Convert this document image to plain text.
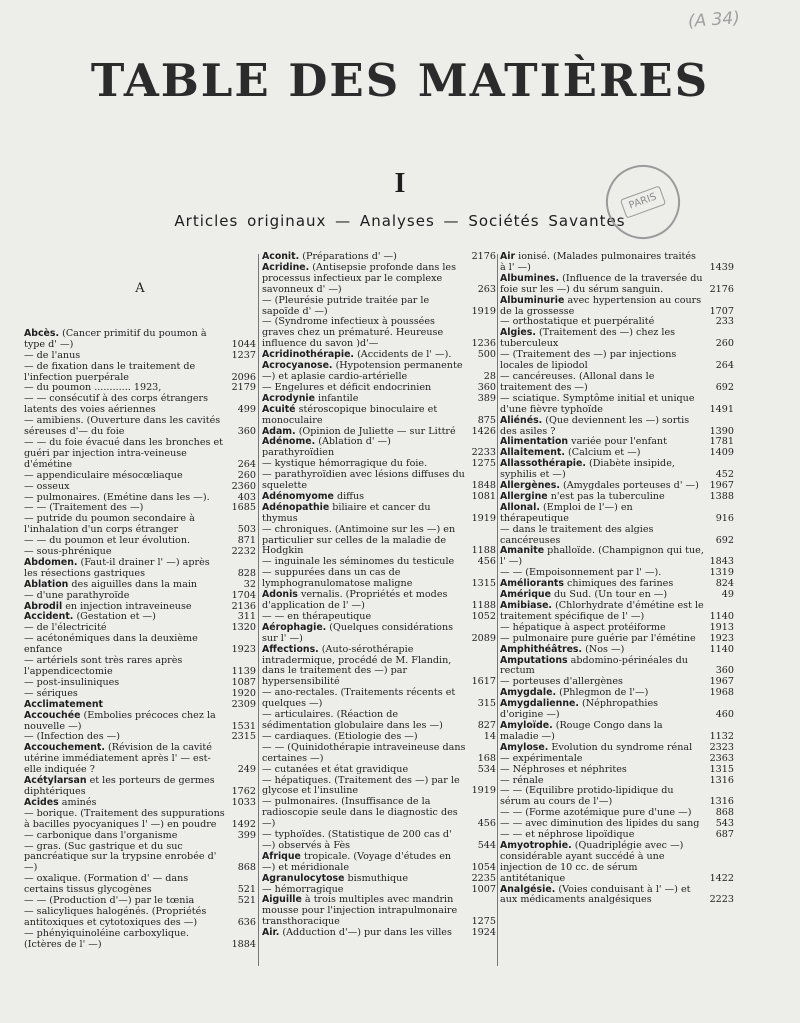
(A 34)
TABLE DES MATIÈRES
I
Articles originaux — Analyses — Sociétés Savantes
PARIS
A
Abcès. (Cancer primitif du poumon à type d' —)	1044
— de l'anus	1237
— de fixation dans le traitement de l'infection puerpérale	2096
— du poumon ............ 1923,	2179
— — consécutif à des corps étrangers latents des voies aériennes	499
— amibiens. (Ouverture dans les cavités séreuses d'— du foie	360
— — du foie évacué dans les bronches et guéri par injection intra-veineuse d'émétine	264
— appendiculaire mésocœliaque	260
— osseux	2360
— pulmonaires. (Emétine dans les —).	403
— — (Traitement des —)	1685
— putride du poumon secondaire à l'inhalation d'un corps étranger	503
— — du poumon et leur évolution.	871
— sous-phrénique	2232
Abdomen. (Faut-il drainer l' —) après les résections gastriques	828
Ablation des aiguilles dans la main	32
— d'une parathyroïde	1704
Abrodil en injection intraveineuse	2136
Accident. (Gestation et —)	311
— de l'électricité	1320
— acétonémiques dans la deuxième enfance	1923
— artériels sont très rares après l'appendicectomie	1139
— post-insuliniques	1087
— sériques	1920
Acclimatement	2309
Accouchée (Embolies précoces chez la nouvelle —)	1531
— (Infection des —)	2315
Accouchement. (Révision de la cavité utérine immédiatement après l' — est-elle indiquée ?	249
Acétylarsan et les porteurs de germes diphtériques	1762
Acides aminés	1033
— borique. (Traitement des suppurations à bacilles pyocyaniques l' —) en poudre	1492
— carbonique dans l'organisme	399
— gras. (Suc gastrique et du suc pancréatique sur la trypsine enrobée d' —)	868
— oxalique. (Formation d' — dans certains tissus glycogènes	521
— — (Production d'—) par le tœnia	521
— salicyliques halogénés. (Propriétés antitoxiques et cytotoxiques des —)	636
— phényiquinoléine carboxylique. (Ictères de l' —)	1884
Aconit. (Préparations d' —)	2176
Acridine. (Antisepsie profonde dans les processus infectieux par le complexe savonneux d' —)	263
— (Pleurésie putride traitée par le sapoïde d' —)	1919
— (Syndrome infectieux à poussées graves chez un prématuré. Heureuse influence du savon )d'—	1236
Acridinothérapie. (Accidents de l' —).	500
Acrocyanose. (Hypotension permanente —) et aplasie cardio-artérielle	28
— Engelures et déficit endocrinien	360
Acrodynie infantile	389
Acuité stéroscopique binoculaire et monoculaire	875
Adam. (Opinion de Juliette — sur Littré	1426
Adénome. (Ablation d' —) parathyroïdien	2233
— kystique hémorragique du foie.	1275
— parathyroïdien avec lésions diffuses du squelette	1848
Adénomyome diffus	1081
Adénopathie biliaire et cancer du thymus	1919
— chroniques. (Antimoine sur les —) en particulier sur celles de la maladie de Hodgkin	1188
— inguinale les séminomes du testicule	456
— suppurées dans un cas de lymphogranulomatose maligne	1315
Adonis vernalis. (Propriétés et modes d'application de l' —)	1188
— — en thérapeutique	1052
Aérophagie. (Quelques considérations sur l' —)	2089
Affections. (Auto-sérothérapie intradermique, procédé de M. Flandin, dans le traitement des —) par hypersensibilité	1617
— ano-rectales. (Traitements récents et quelques —)	315
— articulaires. (Réaction de sédimentation globulaire dans les —)	827
— cardiaques. (Etiologie des —)	14
— — (Quinidothérapie intraveineuse dans certaines —)	168
— cutanées et état gravidique	534
— hépatiques. (Traitement des —) par le glycose et l'insuline	1919
— pulmonaires. (Insuffisance de la radioscopie seule dans le diagnostic des —)	456
— typhoïdes. (Statistique de 200 cas d' —) observés à Fès	544
Afrique tropicale. (Voyage d'études en —) et méridionale	1054
Agranulocytose bismuthique	2235
— hémorragique	1007
Aiguille à trois multiples avec mandrin mousse pour l'injection intrapulmonaire transthoracique	1275
Air. (Adduction d'—) pur dans les villes	1924
Air ionisé. (Malades pulmonaires traités à l' —)	1439
Albumines. (Influence de la traversée du foie sur les —) du sérum sanguin.	2176
Albuminurie avec hypertension au cours de la grossesse	1707
— orthostatique et puerpéralité	233
Algies. (Traitement des —) chez les tuberculeux	260
— (Traitement des —) par injections locales de lipiodol	264
— cancéreuses. (Allonal dans le traitement des —)	692
— sciatique. Symptôme initial et unique d'une fièvre typhoïde	1491
Aliénés. (Que deviennent les —) sortis des asiles ?	1390
Alimentation variée pour l'enfant	1781
Allaitement. (Calcium et —)	1409
Allassothérapie. (Diabète insipide, syphilis et —)	452
Allergènes. (Amygdales porteuses d' —)	1967
Allergine n'est pas la tuberculine	1388
Allonal. (Emploi de l'—) en thérapeutique	916
— dans le traitement des algies cancéreuses	692
Amanite phalloïde. (Champignon qui tue, l' —)	1843
— — (Empoisonnement par l' —).	1319
Améliorants chimiques des farines	824
Amérique du Sud. (Un tour en —)	49
Amibiase. (Chlorhydrate d'émétine est le traitement spécifique de l' —)	1140
— hépatique à aspect protéiforme	1913
— pulmonaire pure guérie par l'émétine	1923
Amphithéâtres. (Nos —)	1140
Amputations abdomino-périnéales du rectum	360
— porteuses d'allergènes	1967
Amygdale. (Phlegmon de l'—)	1968
Amygdalienne. (Néphropathies d'origine —)	460
Amyloïde. (Rouge Congo dans la maladie —)	1132
Amylose. Evolution du syndrome rénal	2323
— expérimentale	2363
— Néphroses et néphrites	1315
— rénale	1316
— — (Equilibre protido-lipidique du sérum au cours de l'—)	1316
— — (Forme azotémique pure d'une —)	868
— — avec diminution des lipides du sang	543
— — et néphrose lipoïdique	687
Amyotrophie. (Quadriplégie avec —) considérable ayant succédé à une injection de 10 cc. de sérum antitétanique	1422
Analgésie. (Voies conduisant à l' —) et aux médicaments analgésiques	2223
